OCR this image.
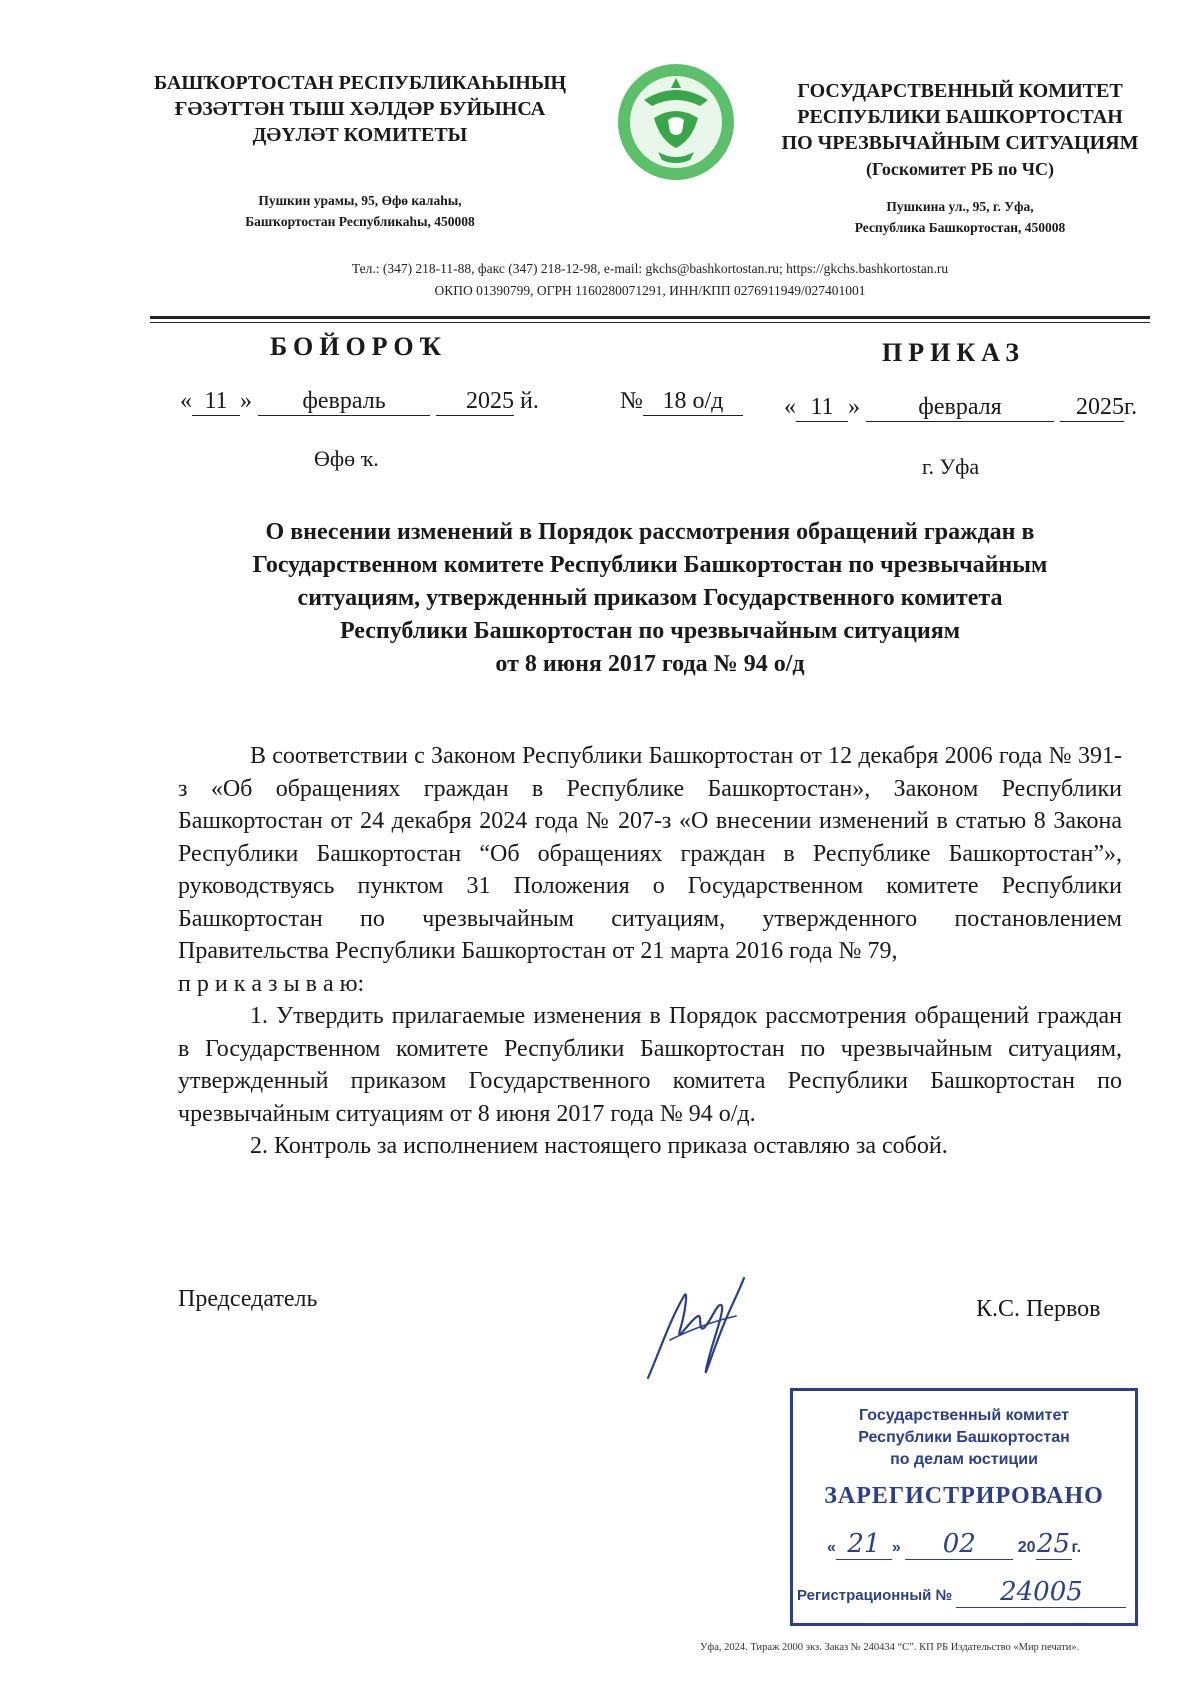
БАШҠОРТОСТАН РЕСПУБЛИКАҺЫНЫҢ
ҒӘЗӘТТӘН ТЫШ ХӘЛДӘР БУЙЫНСА
ДӘҮЛӘТ КОМИТЕТЫ
Пушкин урамы, 95, Өфө калаһы,
Башҡортостан Республикаһы, 450008
ГОСУДАРСТВЕННЫЙ КОМИТЕТ
РЕСПУБЛИКИ БАШКОРТОСТАН
ПО ЧРЕЗВЫЧАЙНЫМ СИТУАЦИЯМ
(Госкомитет РБ по ЧС)
Пушкина ул., 95, г. Уфа,
Республика Башкортостан, 450008
Тел.: (347) 218-11-88, факс (347) 218-12-98, e-mail: gkchs@bashkortostan.ru; https://gkchs.bashkortostan.ru
ОКПО 01390799, ОГРН 1160280071291, ИНН/КПП 0276911949/027401001
БОЙОРОҠ	ПРИКАЗ
« 11 » февраль	2025 й.	№ 18 о/д	« 11 » февраля	2025г.
Өфө ҡ.	г. Уфа
О внесении изменений в Порядок рассмотрения обращений граждан в
Государственном комитете Республики Башкортостан по чрезвычайным
ситуациям, утвержденный приказом Государственного комитета
Республики Башкортостан по чрезвычайным ситуациям
от 8 июня 2017 года № 94 о/д

В соответствии с Законом Республики Башкортостан от 12 декабря 2006 года № 391-з «Об обращениях граждан в Республике Башкортостан», Законом Республики Башкортостан от 24 декабря 2024 года № 207-з «О внесении изменений в статью 8 Закона Республики Башкортостан “Об обращениях граждан в Республике Башкортостан”», руководствуясь пунктом 31 Положения о Государственном комитете Республики Башкортостан по чрезвычайным ситуациям, утвержденного постановлением Правительства Республики Башкортостан от 21 марта 2016 года № 79,

п р и к а з ы в а ю:

1. Утвердить прилагаемые изменения в Порядок рассмотрения обращений граждан в Государственном комитете Республики Башкортостан по чрезвычайным ситуациям, утвержденный приказом Государственного комитета Республики Башкортостан по чрезвычайным ситуациям от 8 июня 2017 года № 94 о/д.

2. Контроль за исполнением настоящего приказа оставляю за собой.

Председатель	К.С. Первов
Государственный комитет
Республики Башкортостан
по делам юстиции
ЗАРЕГИСТРИРОВАНО
« 21 » 02	2025г.
Регистрационный № 24005
Уфа, 2024. Тираж 2000 экз. Заказ № 240434 “С”. КП РБ Издательство «Мир печати».
